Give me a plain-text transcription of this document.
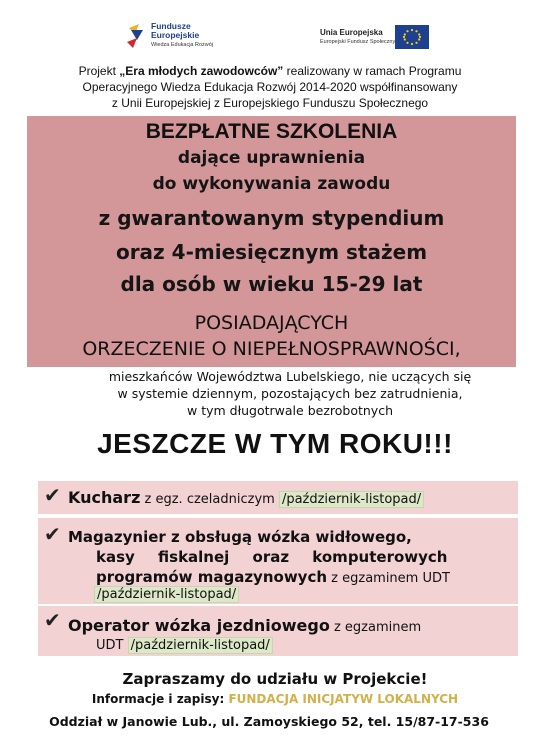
Fundusze
Europejskie
Wiedza Edukacja Rozwój
Unia Europejska
Europejski Fundusz Społeczny
Projekt „Era młodych zawodowców” realizowany w ramach Programu
Operacyjnego Wiedza Edukacja Rozwój 2014-2020 współfinansowany
z Unii Europejskiej z Europejskiego Funduszu Społecznego
BEZPŁATNE SZKOLENIA
dające uprawnienia
do wykonywania zawodu
z gwarantowanym stypendium
oraz 4-miesięcznym stażem
dla osób w wieku 15-29 lat
POSIADAJĄCYCH
ORZECZENIE O NIEPEŁNOSPRAWNOŚCI,
mieszkańców Województwa Lubelskiego, nie uczących się
w systemie dziennym, pozostających bez zatrudnienia,
w tym długotrwale bezrobotnych
JESZCZE W TYM ROKU!!!
✔ Kucharz z egz. czeladniczym /październik-listopad/
✔ Magazynier z obsługą wózka widłowego,
kasy fiskalnej oraz komputerowych
programów magazynowych z egzaminem UDT
/październik-listopad/
✔ Operator wózka jezdniowego z egzaminem
UDT /październik-listopad/
Zapraszamy do udziału w Projekcie!
Informacje i zapisy: FUNDACJA INICJATYW LOKALNYCH
Oddział w Janowie Lub., ul. Zamoyskiego 52, tel. 15/87-17-536
